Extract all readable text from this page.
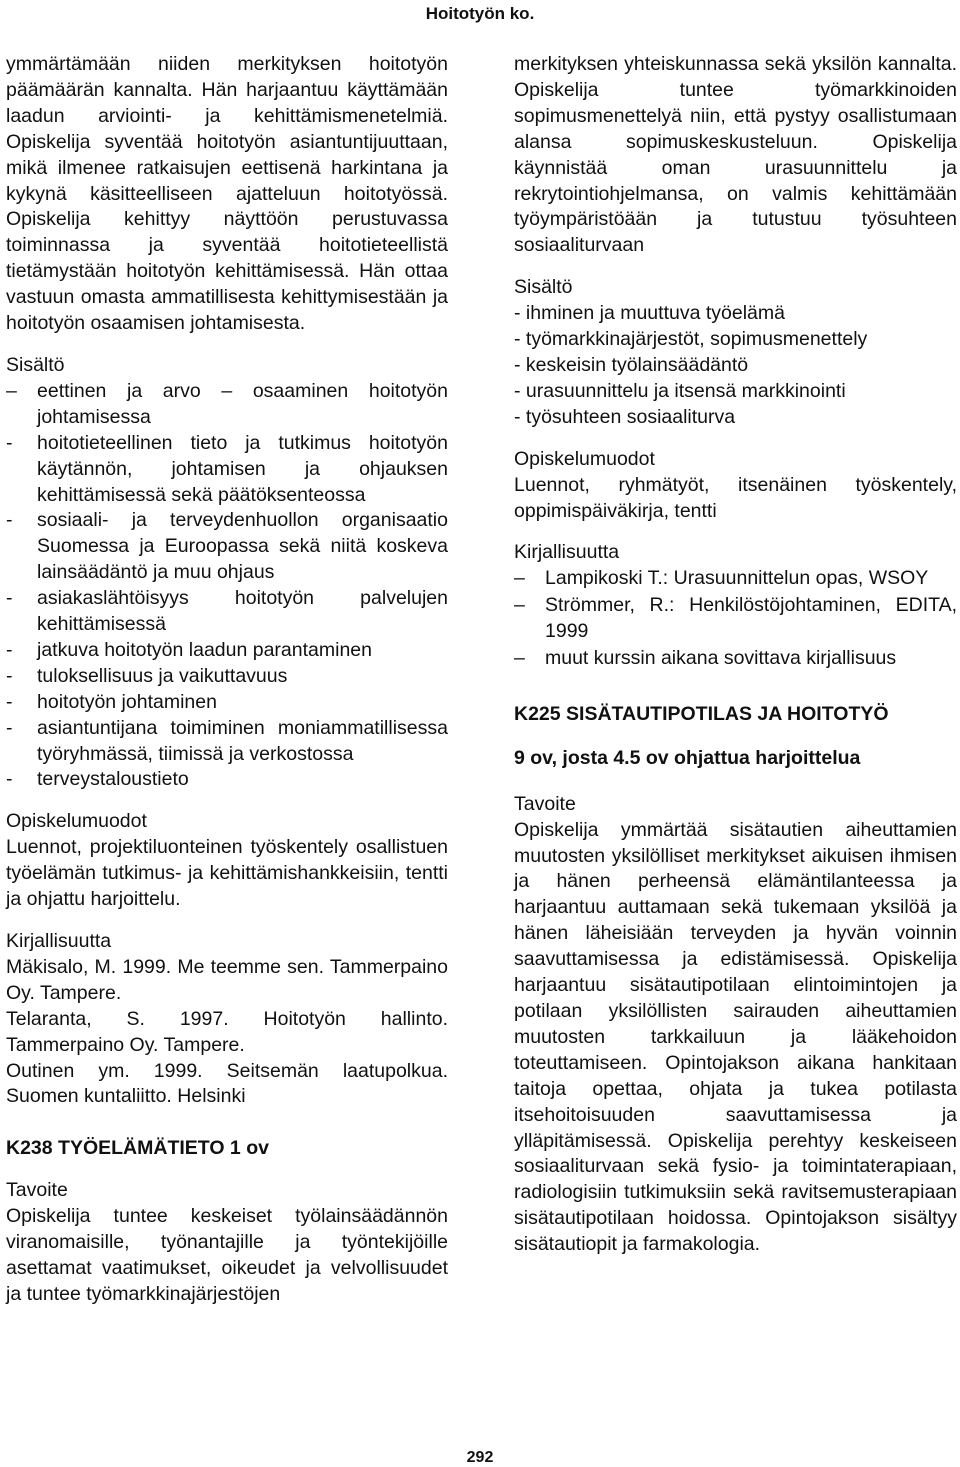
Hoitotyön ko.

ymmärtämään niiden merkityksen hoitotyön päämäärän kannalta. Hän harjaantuu käyttämään laadun arviointi- ja kehittämismenetelmiä. Opiskelija syventää hoitotyön asiantuntijuuttaan, mikä ilmenee ratkaisujen eettisenä harkintana ja kykynä käsitteelliseen ajatteluun hoitotyössä. Opiskelija kehittyy näyttöön perustuvassa toiminnassa ja syventää hoitotieteellistä tietämystään hoitotyön kehittämisessä. Hän ottaa vastuun omasta ammatillisesta kehittymisestään ja hoitotyön osaamisen johtamisesta.

Sisältö
– eettinen ja arvo – osaaminen hoitotyön johtamisessa
- hoitotieteellinen tieto ja tutkimus hoitotyön käytännön, johtamisen ja ohjauksen kehittämisessä sekä päätöksenteossa
- sosiaali- ja terveydenhuollon organisaatio Suomessa ja Euroopassa sekä niitä koskeva lainsäädäntö ja muu ohjaus
- asiakaslähtöisyys hoitotyön palvelujen kehittämisessä
- jatkuva hoitotyön laadun parantaminen
- tuloksellisuus ja vaikuttavuus
- hoitotyön johtaminen
- asiantuntijana toimiminen moniammatillisessa työryhmässä, tiimissä ja verkostossa
- terveystaloustieto
Opiskelumuodot

Luennot, projektiluonteinen työskentely osallistuen työelämän tutkimus- ja kehittämishankkeisiin, tentti ja ohjattu harjoittelu.

Kirjallisuutta

Mäkisalo, M. 1999. Me teemme sen. Tammerpaino Oy. Tampere.

Telaranta, S. 1997. Hoitotyön hallinto. Tammerpaino Oy. Tampere.

Outinen ym. 1999. Seitsemän laatupolkua. Suomen kuntaliitto. Helsinki

K238 TYÖELÄMÄTIETO 1 ov
Tavoite

Opiskelija tuntee keskeiset työlainsäädännön viranomaisille, työnantajille ja työntekijöille asettamat vaatimukset, oikeudet ja velvollisuudet ja tuntee työmarkkinajärjestöjen

merkityksen yhteiskunnassa sekä yksilön kannalta. Opiskelija tuntee työmarkkinoiden sopimusmenettelyä niin, että pystyy osallistumaan alansa sopimuskeskusteluun. Opiskelija käynnistää oman urasuunnittelu ja rekrytointiohjelmansa, on valmis kehittämään työympäristöään ja tutustuu työsuhteen sosiaaliturvaan

Sisältö
- ihminen ja muuttuva työelämä
- työmarkkinajärjestöt, sopimusmenettely
- keskeisin työlainsäädäntö
- urasuunnittelu ja itsensä markkinointi
- työsuhteen sosiaaliturva
Opiskelumuodot

Luennot, ryhmätyöt, itsenäinen työskentely, oppimispäiväkirja, tentti

Kirjallisuutta
– Lampikoski T.: Urasuunnittelun opas, WSOY
– Strömmer, R.: Henkilöstöjohtaminen, EDITA, 1999
– muut kurssin aikana sovittava kirjallisuus
K225 SISÄTAUTIPOTILAS JA HOITOTYÖ
9 ov, josta 4.5 ov ohjattua harjoittelua
Tavoite

Opiskelija ymmärtää sisätautien aiheuttamien muutosten yksilölliset merkitykset aikuisen ihmisen ja hänen perheensä elämäntilanteessa ja harjaantuu auttamaan sekä tukemaan yksilöä ja hänen läheisiään terveyden ja hyvän voinnin saavuttamisessa ja edistämisessä. Opiskelija harjaantuu sisätautipotilaan elintoimintojen ja potilaan yksilöllisten sairauden aiheuttamien muutosten tarkkailuun ja lääkehoidon toteuttamiseen. Opintojakson aikana hankitaan taitoja opettaa, ohjata ja tukea potilasta itsehoitoisuuden saavuttamisessa ja ylläpitämisessä. Opiskelija perehtyy keskeiseen sosiaaliturvaan sekä fysio- ja toimintaterapiaan, radiologisiin tutkimuksiin sekä ravitsemusterapiaan sisätautipotilaan hoidossa. Opintojakson sisältyy sisätautiopit ja farmakologia.

292
